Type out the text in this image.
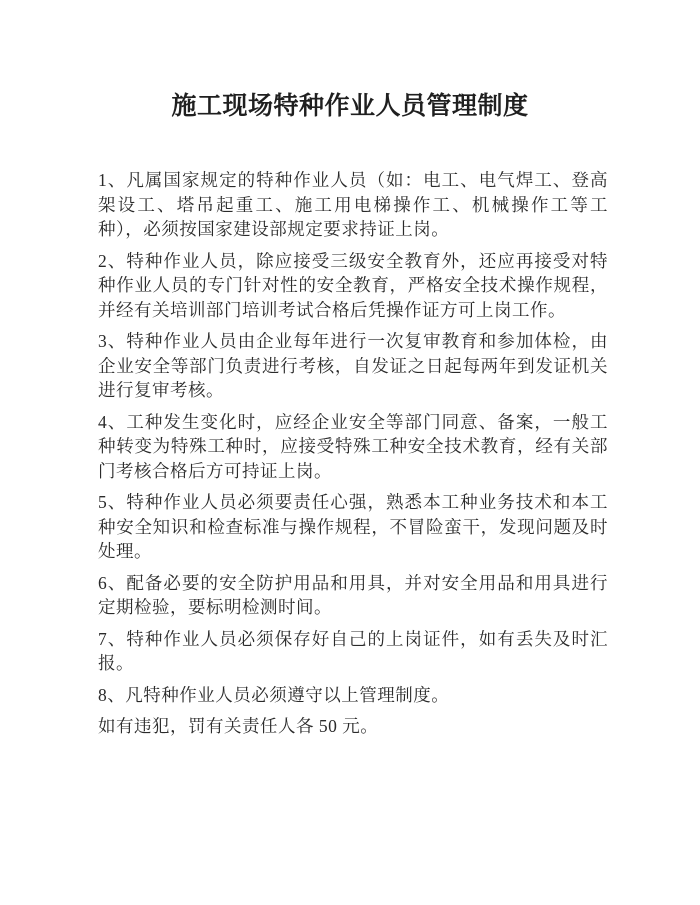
施工现场特种作业人员管理制度

1、凡属国家规定的特种作业人员（如：电工、电气焊工、登高架设工、塔吊起重工、施工用电梯操作工、机械操作工等工种），必须按国家建设部规定要求持证上岗。

2、特种作业人员，除应接受三级安全教育外，还应再接受对特种作业人员的专门针对性的安全教育，严格安全技术操作规程，并经有关培训部门培训考试合格后凭操作证方可上岗工作。

3、特种作业人员由企业每年进行一次复审教育和参加体检，由企业安全等部门负责进行考核，自发证之日起每两年到发证机关进行复审考核。

4、工种发生变化时，应经企业安全等部门同意、备案，一般工种转变为特殊工种时，应接受特殊工种安全技术教育，经有关部门考核合格后方可持证上岗。

5、特种作业人员必须要责任心强，熟悉本工种业务技术和本工种安全知识和检查标准与操作规程，不冒险蛮干，发现问题及时处理。

6、配备必要的安全防护用品和用具，并对安全用品和用具进行定期检验，要标明检测时间。

7、特种作业人员必须保存好自己的上岗证件，如有丢失及时汇报。

8、凡特种作业人员必须遵守以上管理制度。

如有违犯，罚有关责任人各 50 元。
